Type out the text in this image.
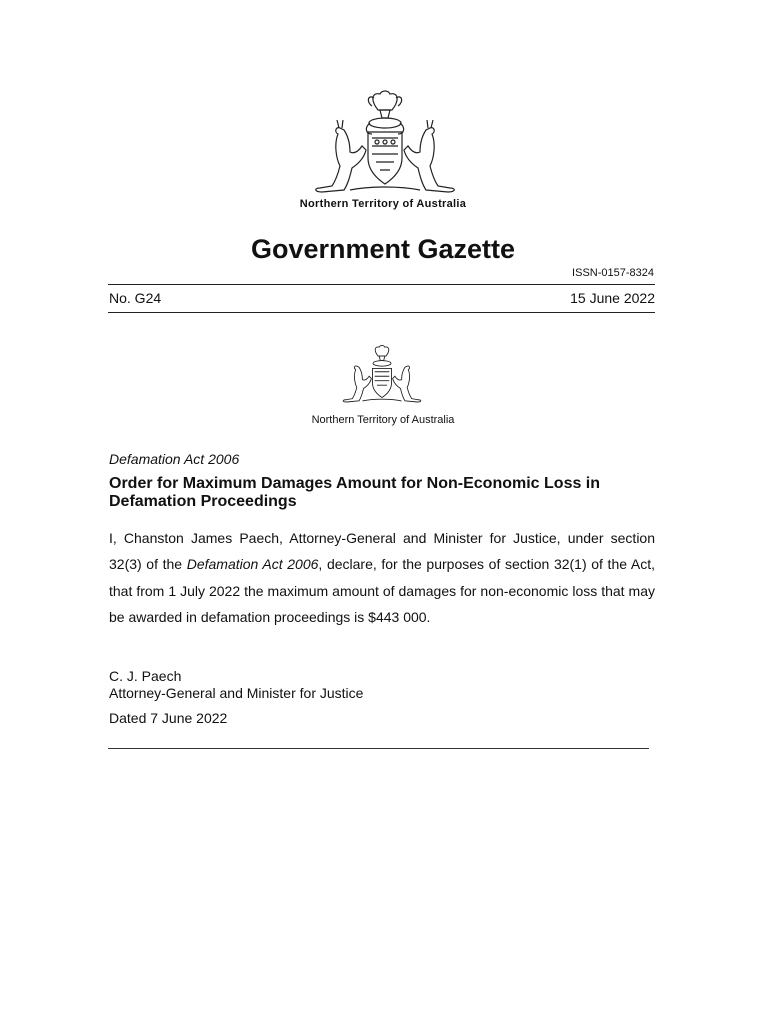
Northern Territory of Australia
Government Gazette
ISSN-0157-8324
No. G24	15 June 2022
Northern Territory of Australia
Defamation Act 2006
Order for Maximum Damages Amount for Non-Economic Loss in Defamation Proceedings
I, Chanston James Paech, Attorney-General and Minister for Justice, under section 32(3) of the Defamation Act 2006, declare, for the purposes of section 32(1) of the Act, that from 1 July 2022 the maximum amount of damages for non-economic loss that may be awarded in defamation proceedings is $443 000.
C. J. Paech
Attorney-General and Minister for Justice
Dated 7 June 2022
